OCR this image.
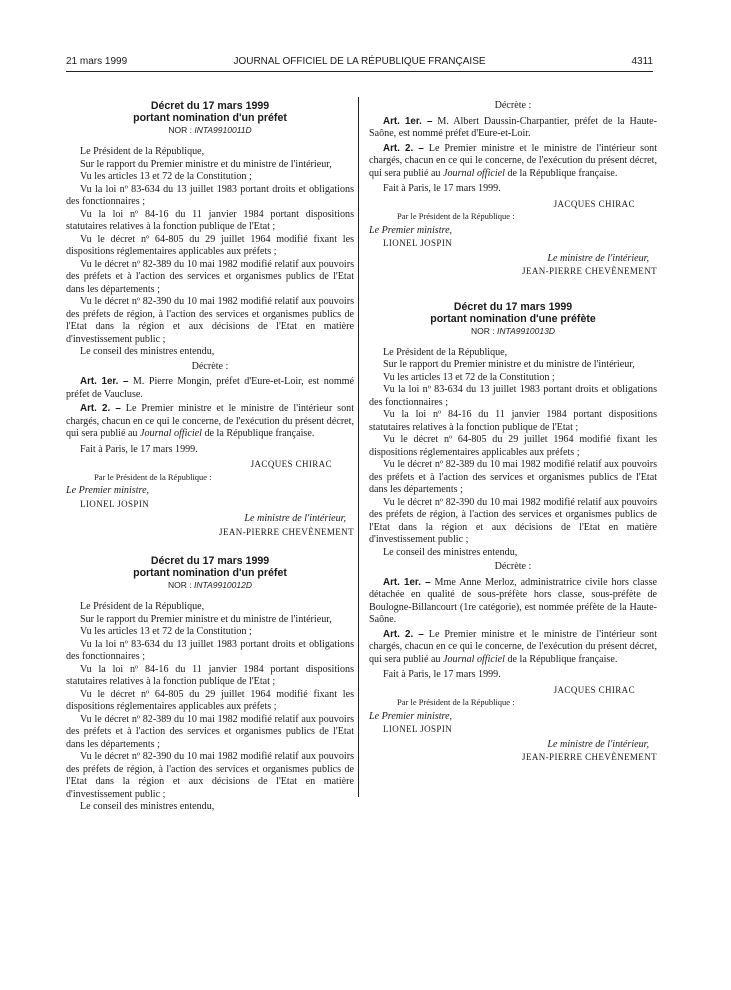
21 mars 1999	JOURNAL OFFICIEL DE LA RÉPUBLIQUE FRANÇAISE	4311
Décret du 17 mars 1999
portant nomination d'un préfet
NOR : INTA9910011D

Le Président de la République,

Sur le rapport du Premier ministre et du ministre de l'intérieur,

Vu les articles 13 et 72 de la Constitution ;

Vu la loi nº 83-634 du 13 juillet 1983 portant droits et obligations des fonctionnaires ;

Vu la loi nº 84-16 du 11 janvier 1984 portant dispositions statutaires relatives à la fonction publique de l'Etat ;

Vu le décret nº 64-805 du 29 juillet 1964 modifié fixant les dispositions réglementaires applicables aux préfets ;

Vu le décret nº 82-389 du 10 mai 1982 modifié relatif aux pouvoirs des préfets et à l'action des services et organismes publics de l'Etat dans les départements ;

Vu le décret nº 82-390 du 10 mai 1982 modifié relatif aux pouvoirs des préfets de région, à l'action des services et organismes publics de l'Etat dans la région et aux décisions de l'Etat en matière d'investissement public ;

Le conseil des ministres entendu,

Décrète :

Art. 1er. – M. Pierre Mongin, préfet d'Eure-et-Loir, est nommé préfet de Vaucluse.

Art. 2. – Le Premier ministre et le ministre de l'intérieur sont chargés, chacun en ce qui le concerne, de l'exécution du présent décret, qui sera publié au Journal officiel de la République française.

Fait à Paris, le 17 mars 1999.

JACQUES CHIRAC

Par le Président de la République :

Le Premier ministre,

LIONEL JOSPIN

Le ministre de l'intérieur,

JEAN-PIERRE CHEVÈNEMENT

Décret du 17 mars 1999
portant nomination d'un préfet
NOR : INTA9910012D

Le Président de la République,

Sur le rapport du Premier ministre et du ministre de l'intérieur,

Vu les articles 13 et 72 de la Constitution ;

Vu la loi nº 83-634 du 13 juillet 1983 portant droits et obligations des fonctionnaires ;

Vu la loi nº 84-16 du 11 janvier 1984 portant dispositions statutaires relatives à la fonction publique de l'Etat ;

Vu le décret nº 64-805 du 29 juillet 1964 modifié fixant les dispositions réglementaires applicables aux préfets ;

Vu le décret nº 82-389 du 10 mai 1982 modifié relatif aux pouvoirs des préfets et à l'action des services et organismes publics de l'Etat dans les départements ;

Vu le décret nº 82-390 du 10 mai 1982 modifié relatif aux pouvoirs des préfets de région, à l'action des services et organismes publics de l'Etat dans la région et aux décisions de l'Etat en matière d'investissement public ;

Le conseil des ministres entendu,

Décrète :

Art. 1er. – M. Albert Daussin-Charpantier, préfet de la Haute-Saône, est nommé préfet d'Eure-et-Loir.

Art. 2. – Le Premier ministre et le ministre de l'intérieur sont chargés, chacun en ce qui le concerne, de l'exécution du présent décret, qui sera publié au Journal officiel de la République française.

Fait à Paris, le 17 mars 1999.

JACQUES CHIRAC

Par le Président de la République :

Le Premier ministre,

LIONEL JOSPIN

Le ministre de l'intérieur,

JEAN-PIERRE CHEVÈNEMENT

Décret du 17 mars 1999
portant nomination d'une préfète
NOR : INTA9910013D

Le Président de la République,

Sur le rapport du Premier ministre et du ministre de l'intérieur,

Vu les articles 13 et 72 de la Constitution ;

Vu la loi nº 83-634 du 13 juillet 1983 portant droits et obligations des fonctionnaires ;

Vu la loi nº 84-16 du 11 janvier 1984 portant dispositions statutaires relatives à la fonction publique de l'Etat ;

Vu le décret nº 64-805 du 29 juillet 1964 modifié fixant les dispositions réglementaires applicables aux préfets ;

Vu le décret nº 82-389 du 10 mai 1982 modifié relatif aux pouvoirs des préfets et à l'action des services et organismes publics de l'Etat dans les départements ;

Vu le décret nº 82-390 du 10 mai 1982 modifié relatif aux pouvoirs des préfets de région, à l'action des services et organismes publics de l'Etat dans la région et aux décisions de l'Etat en matière d'investissement public ;

Le conseil des ministres entendu,

Décrète :

Art. 1er. – Mme Anne Merloz, administratrice civile hors classe détachée en qualité de sous-préfète hors classe, sous-préfète de Boulogne-Billancourt (1re catégorie), est nommée préfète de la Haute-Saône.

Art. 2. – Le Premier ministre et le ministre de l'intérieur sont chargés, chacun en ce qui le concerne, de l'exécution du présent décret, qui sera publié au Journal officiel de la République française.

Fait à Paris, le 17 mars 1999.

JACQUES CHIRAC

Par le Président de la République :

Le Premier ministre,

LIONEL JOSPIN

Le ministre de l'intérieur,

JEAN-PIERRE CHEVÈNEMENT
